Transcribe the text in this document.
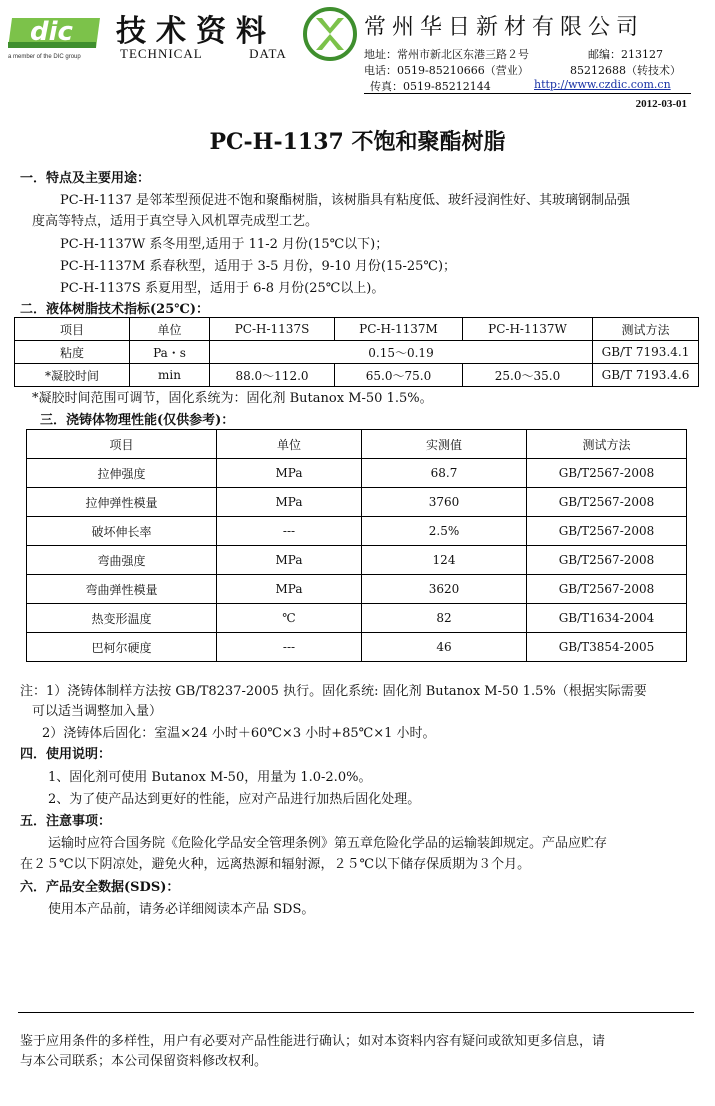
dic
a member of the DIC group
技术资料
TECHNICAL	DATA
常州华日新材有限公司
地址：常州市新北区东港三路２号	邮编：213127
电话：0519-85210666（营业）	85212688（转技术）
传真：0519-85212144	http://www.czdic.com.cn
2012-03-01
PC-H-1137 不饱和聚酯树脂
一．特点及主要用途：
PC-H-1137 是邻苯型预促进不饱和聚酯树脂，该树脂具有粘度低、玻纤浸润性好、其玻璃钢制品强
度高等特点，适用于真空导入风机罩壳成型工艺。
PC-H-1137W 系冬用型,适用于 11-2 月份(15℃以下)；
PC-H-1137M 系春秋型，适用于 3-5 月份，9-10 月份(15-25℃)；
PC-H-1137S 系夏用型，适用于 6-8 月份(25℃以上)。
二．液体树脂技术指标(25℃)：
项目	单位	PC-H-1137S	PC-H-1137M	PC-H-1137W	测试方法
粘度	Pa・s	0.15～0.19			GB/T 7193.4.1
*凝胶时间	min	88.0～112.0	65.0～75.0	25.0～35.0	GB/T 7193.4.6
*凝胶时间范围可调节，固化系统为：固化剂 Butanox M-50 1.5%。
三．浇铸体物理性能(仅供参考)：
项目	单位	实测值	测试方法
拉伸强度	MPa	68.7	GB/T2567-2008
拉伸弹性模量	MPa	3760	GB/T2567-2008
破坏伸长率	---	2.5%	GB/T2567-2008
弯曲强度	MPa	124	GB/T2567-2008
弯曲弹性模量	MPa	3620	GB/T2567-2008
热变形温度	℃	82	GB/T1634-2004
巴柯尔硬度	---	46	GB/T3854-2005
注：1）浇铸体制样方法按 GB/T8237-2005 执行。固化系统: 固化剂 Butanox M-50 1.5%（根据实际需要
可以适当调整加入量）
2）浇铸体后固化：室温×24 小时＋60℃×3 小时+85℃×1 小时。
四．使用说明：
1、固化剂可使用 Butanox M-50，用量为 1.0-2.0%。
2、为了使产品达到更好的性能，应对产品进行加热后固化处理。
五．注意事项：
运输时应符合国务院《危险化学品安全管理条例》第五章危险化学品的运输装卸规定。产品应贮存
在２５℃以下阴凉处，避免火种，远离热源和辐射源，２５℃以下储存保质期为３个月。
六．产品安全数据(SDS)：
使用本产品前，请务必详细阅读本产品 SDS。
鉴于应用条件的多样性，用户有必要对产品性能进行确认；如对本资料内容有疑问或欲知更多信息，请
与本公司联系；本公司保留资料修改权利。
